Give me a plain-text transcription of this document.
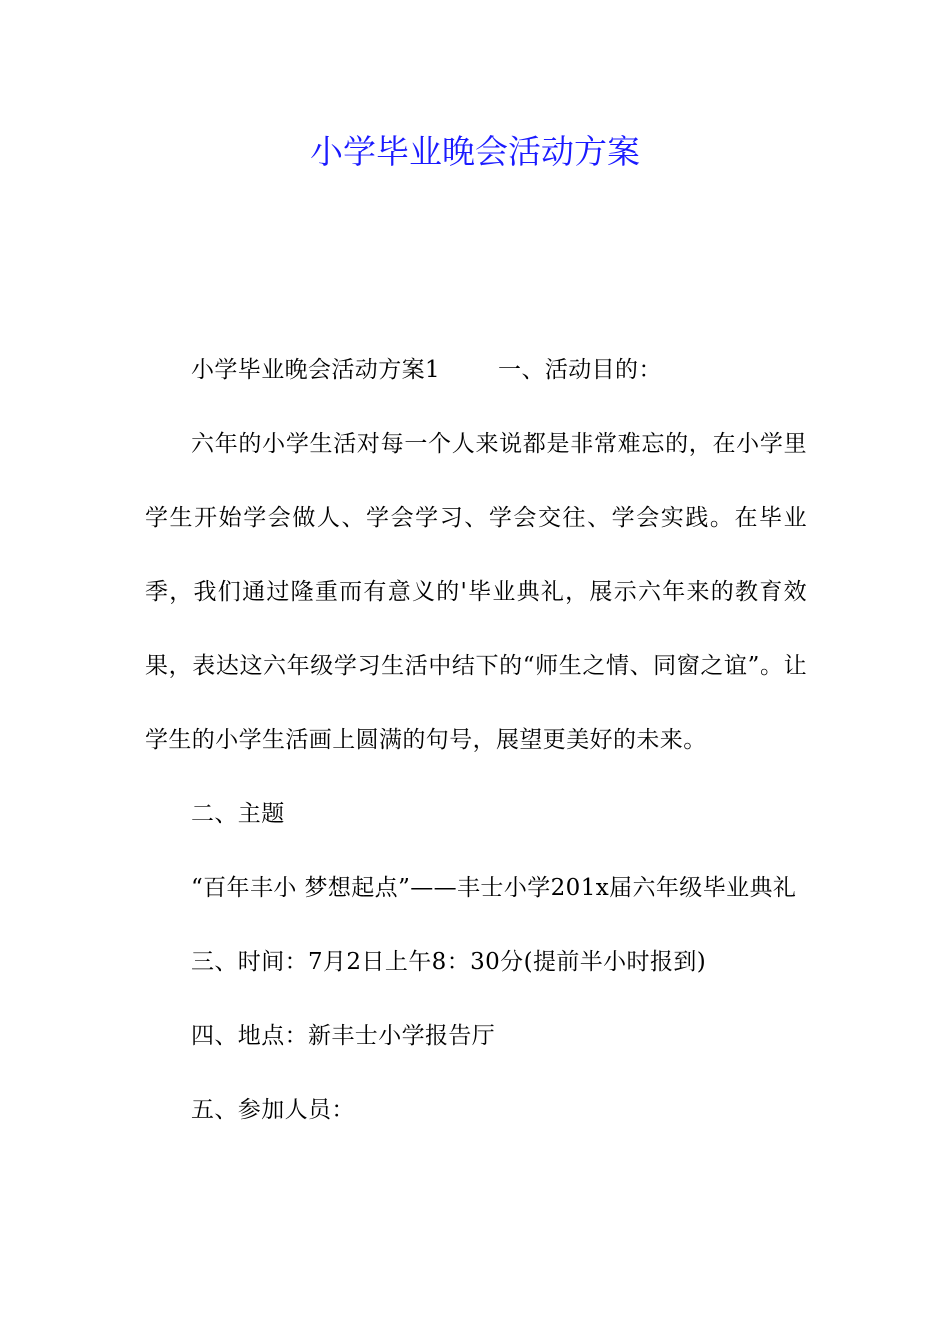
小学毕业晚会活动方案

小学毕业晚会活动方案1	一、活动目的：

六年的小学生活对每一个人来说都是非常难忘的，在小学里学生开始学会做人、学会学习、学会交往、学会实践。在毕业季，我们通过隆重而有意义的'毕业典礼，展示六年来的教育效果，表达这六年级学习生活中结下的“师生之情、同窗之谊”。让学生的小学生活画上圆满的句号，展望更美好的未来。

二、主题

“百年丰小 梦想起点”——丰士小学201x届六年级毕业典礼

三、时间：7月2日上午8：30分(提前半小时报到)

四、地点：新丰士小学报告厅

五、参加人员：
